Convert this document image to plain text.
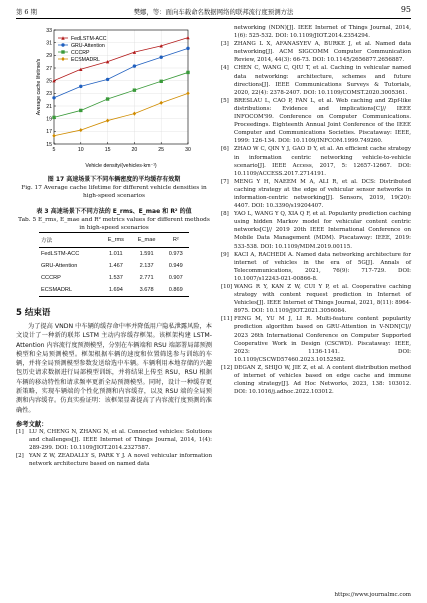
第 6 期	樊娜，等：面向车载命名数据网络的联邦流行度预测方法	95
15
17
19
21
23
25
27
29
31
33
5	10	15	20	25	30
FedLSTM-ACC
GRU-Attention
CCCRP
ECSMADRL
Average cache lifetime/s
Vehicle density/(vehicles·km⁻¹)
图 17 高速场景下不同车辆密度的平均缓存有效期
Fig. 17 Average cache lifetime for different vehicle densities in high-speed scenarios
表 3 高速场景下不同方法的 E_rms、E_mae 和 R² 的值
Tab. 5 E_rms, E_mae and R² metrics values for different methods in high-speed scenarios
方法	E_rms	E_mae	R²
FedLSTM-ACC	1.011	1.591	0.973
GRU-Attention	1.467	2.137	0.949
CCCRP	1.537	2.771	0.907
ECSMADRL	1.694	3.678	0.869

5 结束语

为了提高 VNDN 中车辆的缓存命中率并降低用户隐私泄露风险，本文设计了一种新的联邦 LSTM 主动内容缓存框架。该框架构建 LSTM-Attention 内容流行度预测模型，分别在车辆端和 RSU 端部署局部预测模型和全局预测模型。框架根据车辆的速度和位置筛选参与训练的车辆，并将全局预测模型参数发送给选中车辆。车辆利用本地存储的兴趣包历史请求数据进行局部模型训练，并将结果上传至 RSU，RSU 根据车辆的移动特性和请求频率更新全局预测模型。同时，设计一种缓存更新策略，实现车辆端的个性化预测和内容缓存，以及 RSU 端的全局预测和内容缓存。仿真实验证明：该框架显著提高了内容流行度预测的准确性。

参考文献：

[1] LU N, CHENG N, ZHANG N, et al. Connected vehicles: Solutions and challenges[J]. IEEE Internet of Things Journal, 2014, 1(4): 289-299. DOI: 10.1109/JIOT.2014.2327587.
[2] YAN Z W, ZEADALLY S, PARK Y J. A novel vehicular information network architecture based on named data
networking (NDN)[J]. IEEE Internet of Things Journal, 2014, 1(6): 525-532. DOI: 10.1109/JIOT.2014.2354294.
[3] ZHANG L X, AFANASYEV A, BURKE J, et al. Named data networking[J]. ACM SIGCOMM Computer Communication Review, 2014, 44(3): 66-73. DOI: 10.1145/2656877.2656887.
[4] CHEN C, WANG C, QIU T, et al. Caching in vehicular named data networking: architecture, schemes and future directions[J]. IEEE Communications Surveys & Tutorials, 2020, 22(4): 2378-2407. DOI: 10.1109/COMST.2020.3005361.
[5] BRESLAU L, CAO P, FAN L, et al. Web caching and Zipf-like distributions: Evidence and implications[C]// IEEE INFOCOM'99. Conference on Computer Communications. Proceedings. Eighteenth Annual Joint Conference of the IEEE Computer and Communications Societies. Piscataway: IEEE, 1999: 126-134. DOI: 10.1109/INFCOM.1999.749260.
[6] ZHAO W C, QIN Y J, GAO D Y, et al. An efficient cache strategy in information centric networking vehicle-to-vehicle scenario[J]. IEEE Access, 2017, 5: 12657-12667. DOI: 10.1109/ACCESS.2017.2714191.
[7] MENG Y H, NAEEM M A, ALI R, et al. DCS: Distributed caching strategy at the edge of vehicular sensor networks in information-centric networking[J]. Sensors, 2019, 19(20): 4407. DOI: 10.3390/s19204407.
[8] YAO L, WANG Y Q, XIA Q F, et al. Popularity prediction caching using hidden Markov model for vehicular content centric networks[C]// 2019 20th IEEE International Conference on Mobile Data Management (MDM). Piscataway: IEEE, 2019: 533-538. DOI: 10.1109/MDM.2019.00115.
[9] KACI A, RACHEDI A. Named data networking architecture for internet of vehicles in the era of 5G[J]. Annals of Telecommunications, 2021, 76(9): 717-729. DOI: 10.1007/s12243-021-00866-8.
[10] WANG R Y, KAN Z W, CUI Y P, et al. Cooperative caching strategy with content request prediction in Internet of Vehicles[J]. IEEE Internet of Things Journal, 2021, 8(11): 8964-8975. DOI: 10.1109/JIOT.2021.3056084.
[11] FENG M, YU M J, LI R. Multi-feature content popularity prediction algorithm based on GRU-Attention in V-NDN[C]// 2023 26th International Conference on Computer Supported Cooperative Work in Design (CSCWD). Piscataway: IEEE, 2023: 1136-1141. DOI: 10.1109/CSCWD57460.2023.10152582.
[12] DEGAN Z, SHIJO W, JIE Z, et al. A content distribution method of internet of vehicles based on edge cache and immune cloning strategy[J]. Ad Hoc Networks, 2023, 138: 103012. DOI: 10.1016/j.adhoc.2022.103012.
https://www.journalmc.com
